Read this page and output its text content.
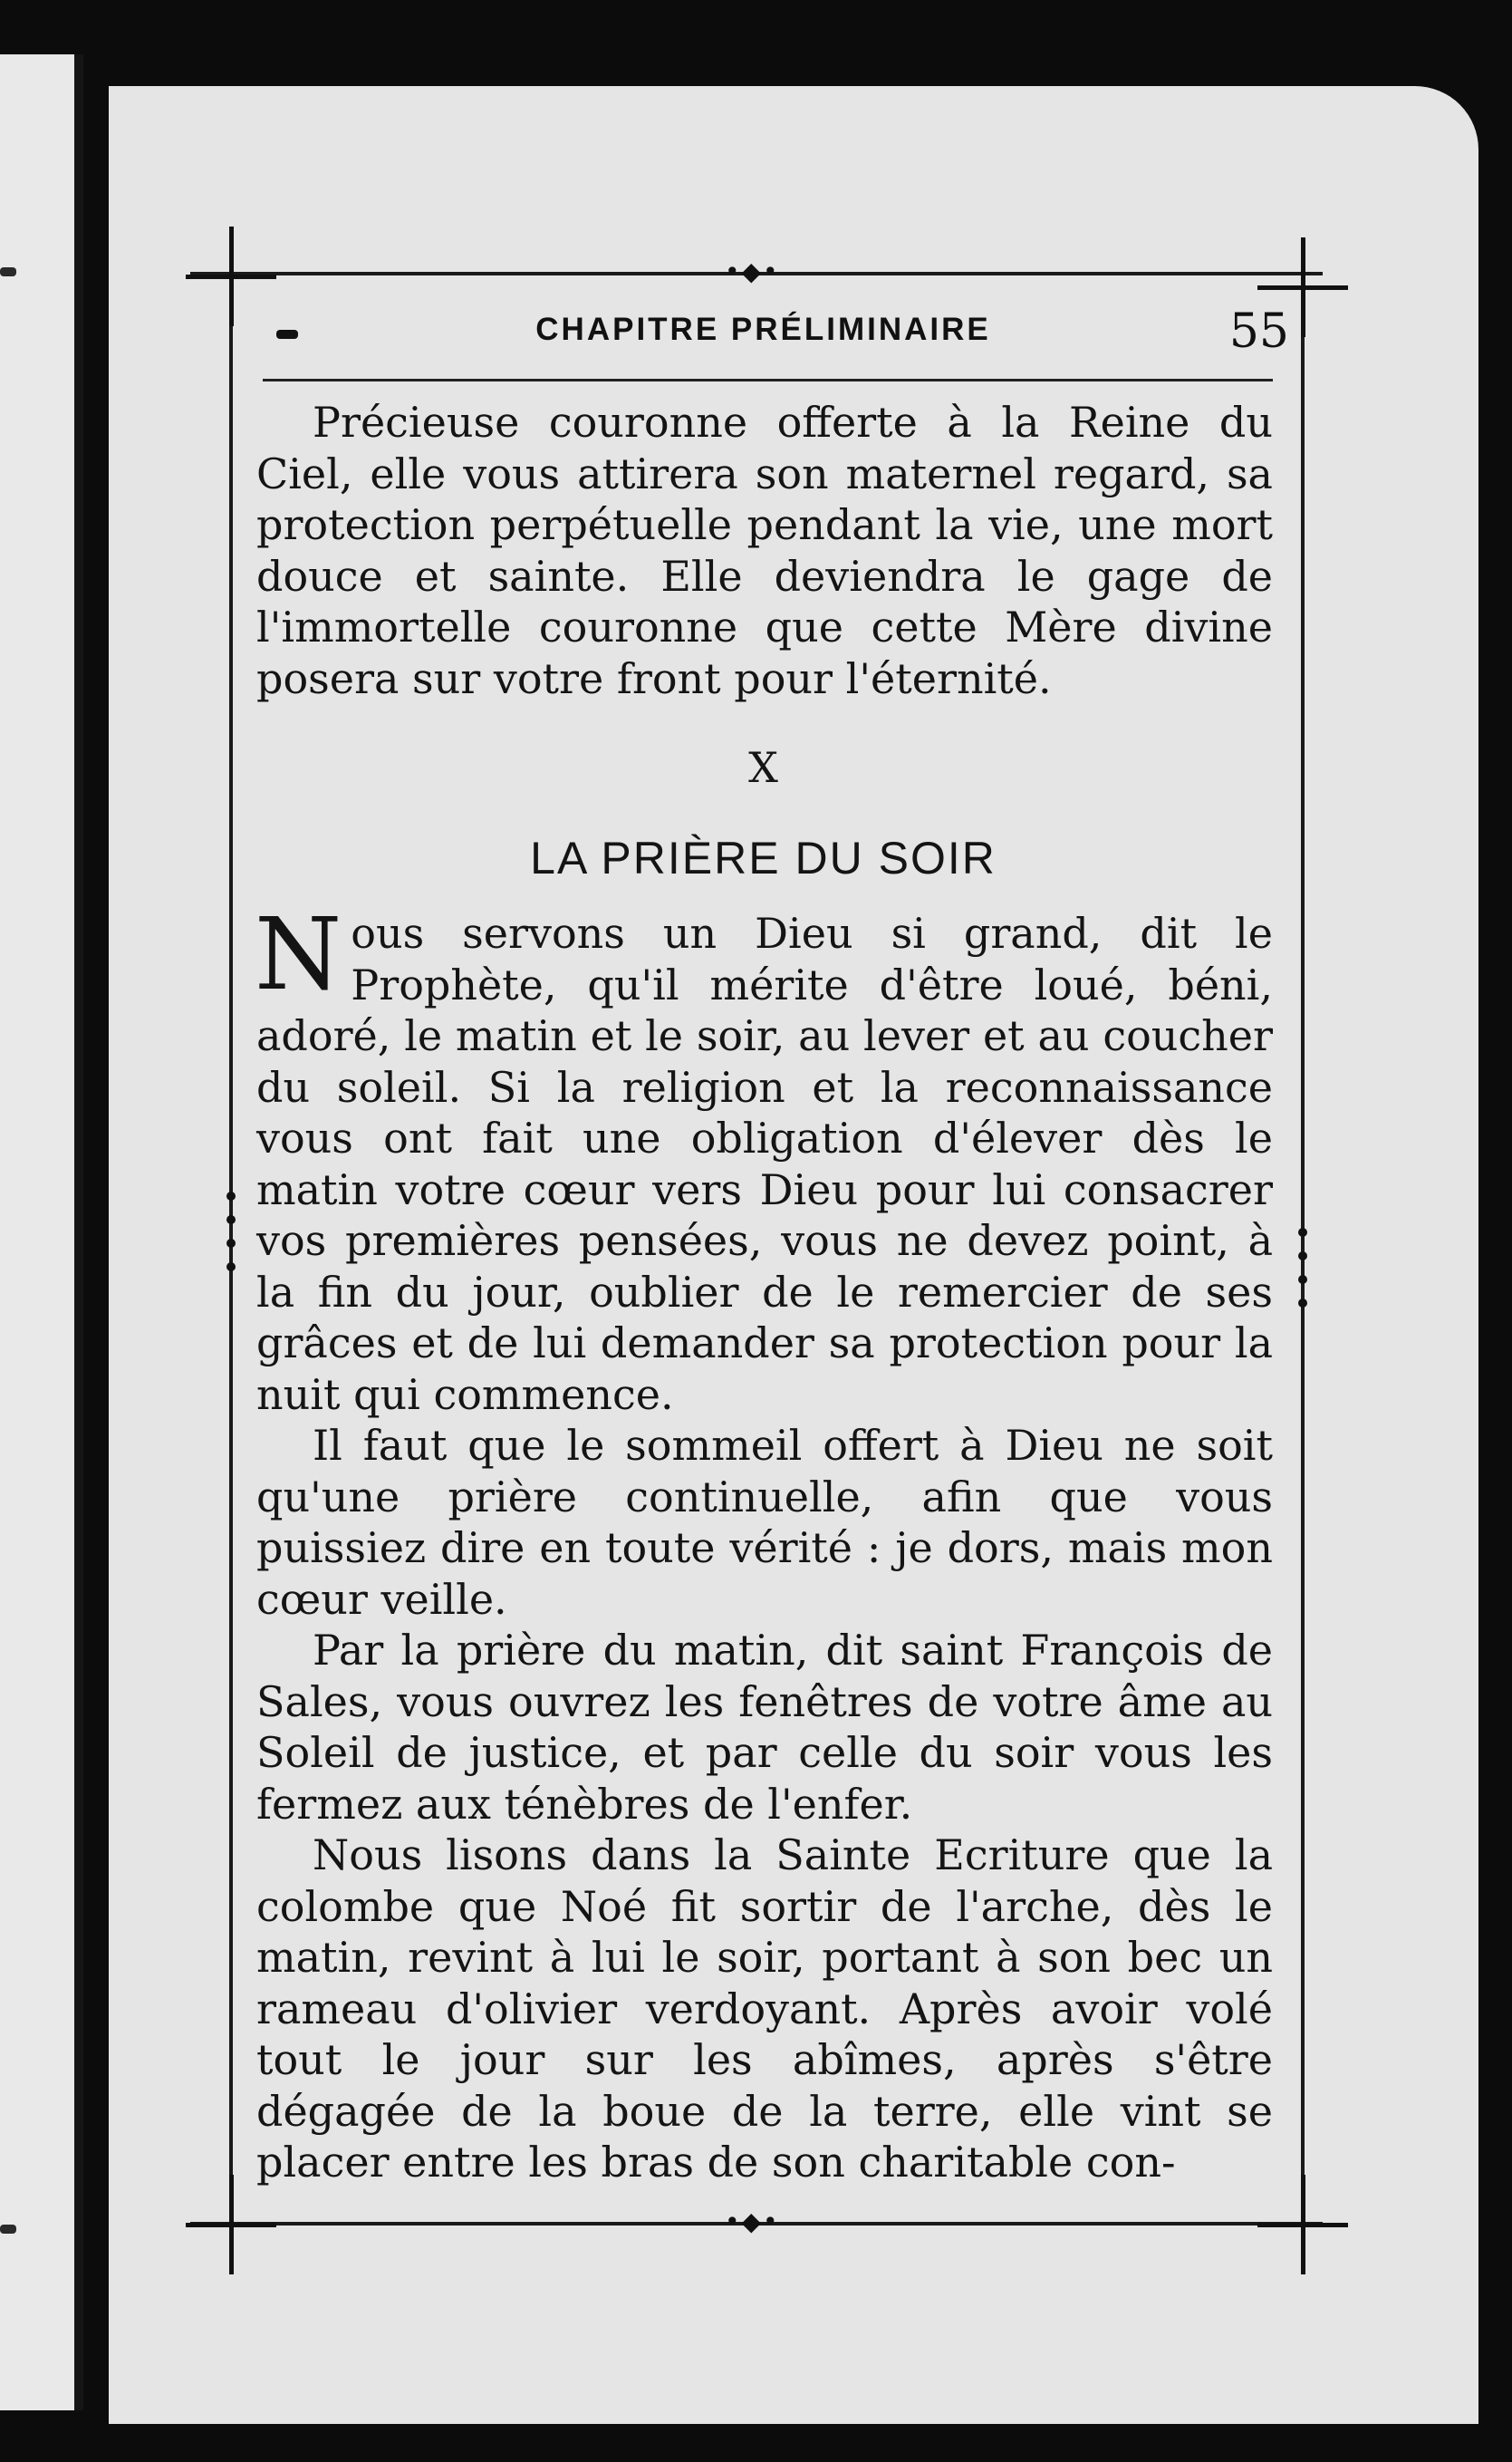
•◆•
•◆•
CHAPITRE PRÉLIMINAIRE	55

Précieuse couronne offerte à la Reine du Ciel, elle vous attirera son maternel regard, sa protection perpétuelle pendant la vie, une mort douce et sainte. Elle deviendra le gage de l'immortelle couronne que cette Mère divine posera sur votre front pour l'éternité.

X
LA PRIÈRE DU SOIR

Nous servons un Dieu si grand, dit le Prophète, qu'il mérite d'être loué, béni, adoré, le matin et le soir, au lever et au coucher du soleil. Si la religion et la reconnaissance vous ont fait une obligation d'élever dès le matin votre cœur vers Dieu pour lui consacrer vos premières pensées, vous ne devez point, à la fin du jour, oublier de le remercier de ses grâces et de lui demander sa protection pour la nuit qui commence.

Il faut que le sommeil offert à Dieu ne soit qu'une prière continuelle, afin que vous puissiez dire en toute vérité : je dors, mais mon cœur veille.

Par la prière du matin, dit saint François de Sales, vous ouvrez les fenêtres de votre âme au Soleil de justice, et par celle du soir vous les fermez aux ténèbres de l'enfer.

Nous lisons dans la Sainte Ecriture que la colombe que Noé fit sortir de l'arche, dès le matin, revint à lui le soir, portant à son bec un rameau d'olivier verdoyant. Après avoir volé tout le jour sur les abîmes, après s'être dégagée de la boue de la terre, elle vint se placer entre les bras de son charitable con-
